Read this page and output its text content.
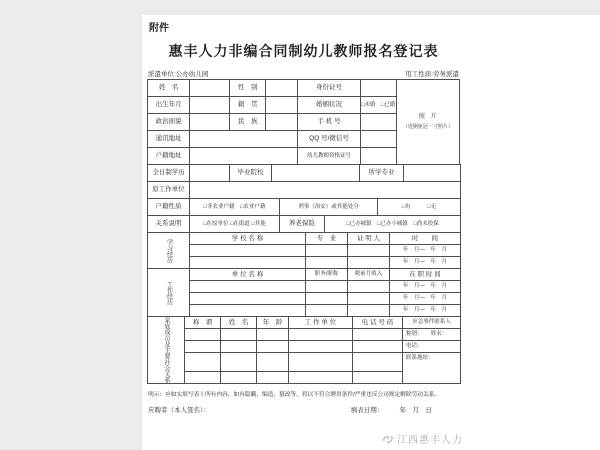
附件
惠丰人力非编合同制幼儿教师报名登记表
派遣单位:公办幼儿园	用工性质:劳务派遣
姓　名		性　别		身份证号		照　片
（近期免冠一寸照片）

出生年月		籍　贯		婚姻状况	□未婚　□已婚	
政治面貌		民　族		手 机 号		
通讯地址				QQ 号/微信号		
户籍地址				幼儿教师资格证号		
全日制学历		毕业院校		所学专业	
原工作单位	
户籍性质	□非农业户籍　□农业户籍	刑事（治安）或其他处分	□有　　　□无
关系说明	□在原单位 □在街道 □其他	养老保险	□已办城镇　□已办小城镇　□尚未投保
学习经历	学 校 名 称	专　业	证 明 人	时　　间
				年　月—　年　月
				年　月—　年　月
工作经历	单 位 名 称	职务/职称	税前月收入	在 职 时 间
				年　月—　年　月
				年　月—　年　月
				年　月—　年　月
家庭成员及主要社会关系	称　谓	姓　名	年　龄	工 作 单 位	电 话 号 码	应急事件联系人
						称谓：　　姓名：
						电话：
						联系地址：

明示：应如实填写表上所有内容，如有隐瞒、编造、篡改等，将以不符合聘用条件/严重违反公司规定解除劳动关系。
应聘者（本人签名）：	填表日期：　　　年　月　日
江西惠丰人力
